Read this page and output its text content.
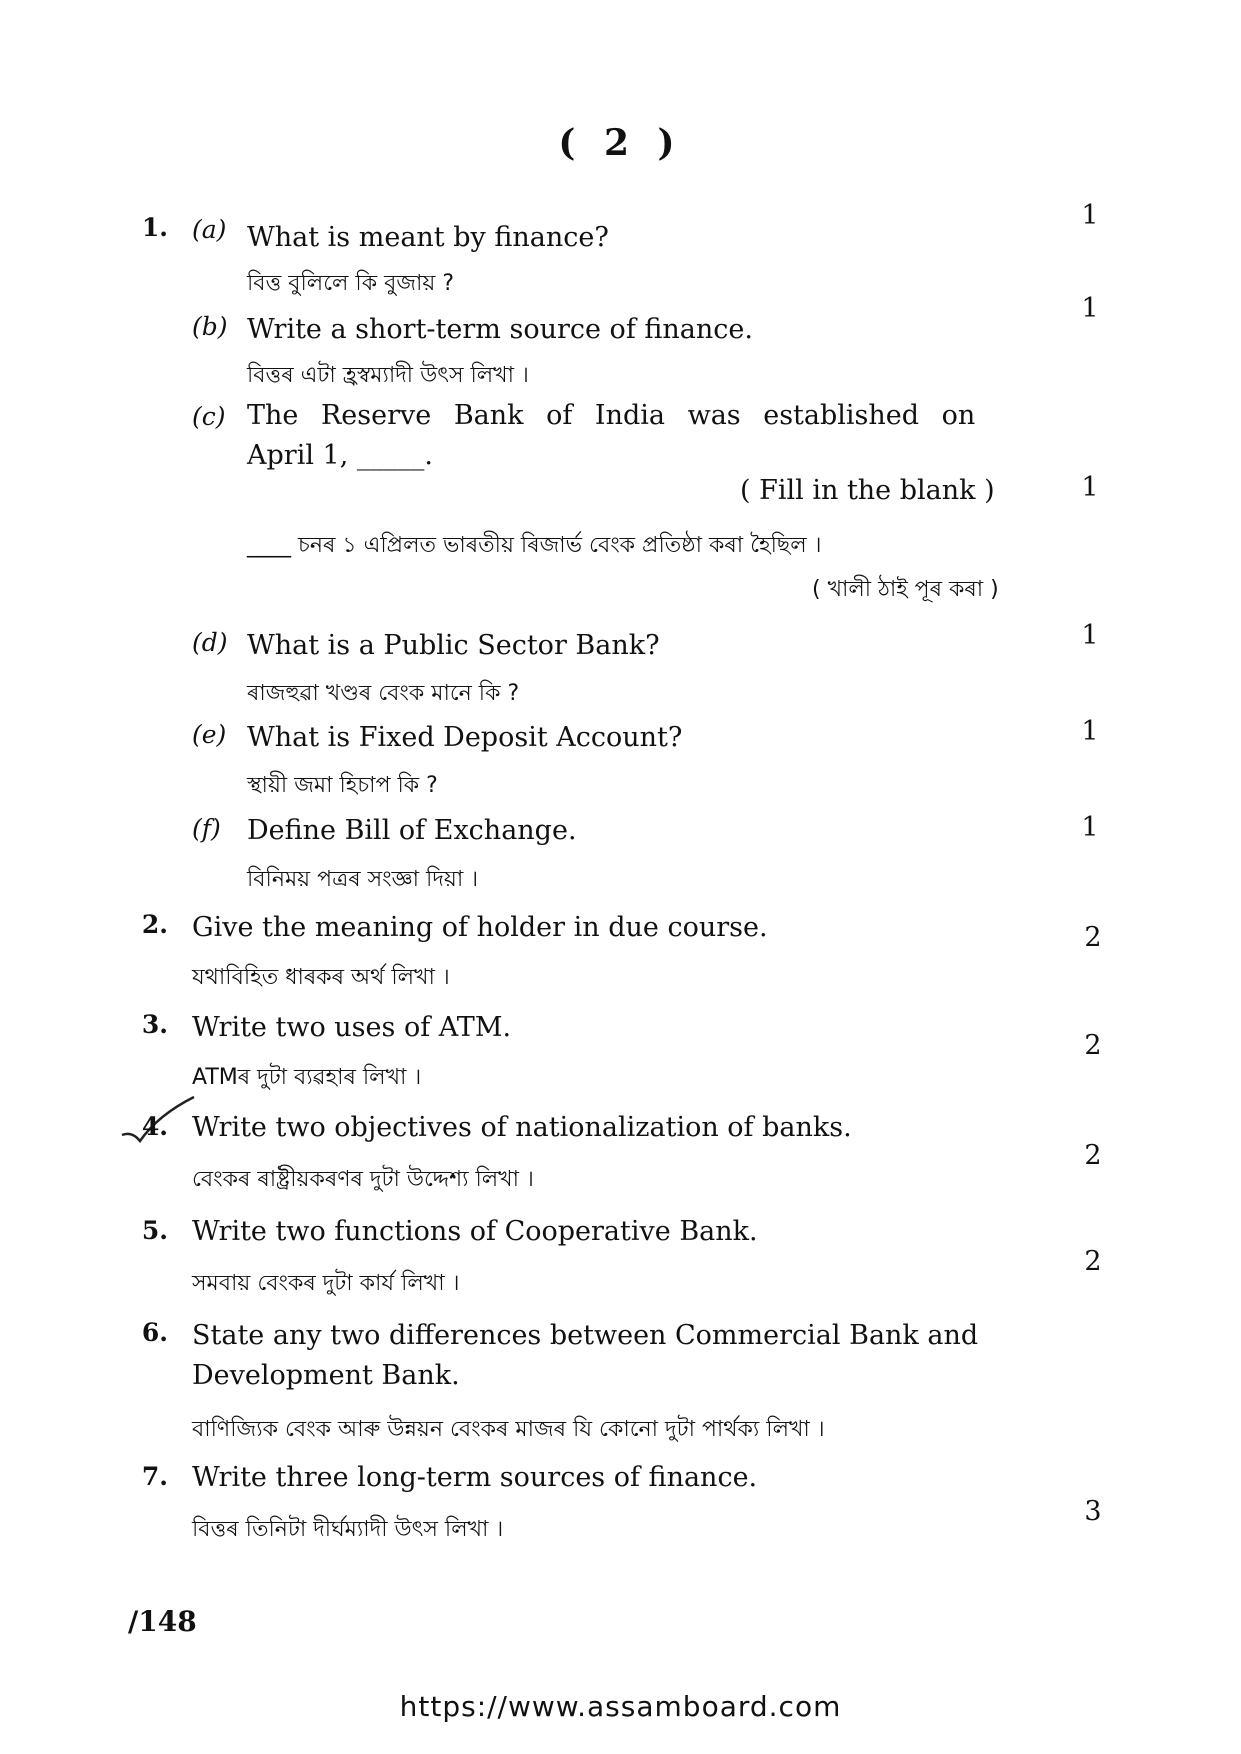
( 2 )
1. (a) What is meant by finance?
বিত্ত বুলিলে কি বুজায় ?
1
(b) Write a short-term source of finance.
বিত্তৰ এটা হ্ৰস্বম্যাদী উৎস লিখা ।
1
(c) The Reserve Bank of India was established on
April 1, _____.
( Fill in the blank )	1
____ চনৰ ১ এপ্ৰিলত ভাৰতীয় ৰিজাৰ্ভ বেংক প্ৰতিষ্ঠা কৰা হৈছিল ।
( খালী ঠাই পূৰ কৰা )
(d) What is a Public Sector Bank?
ৰাজহুৱা খণ্ডৰ বেংক মানে কি ?
1
(e) What is Fixed Deposit Account?
স্থায়ী জমা হিচাপ কি ?
1
(f) Define Bill of Exchange.
বিনিময় পত্ৰৰ সংজ্ঞা দিয়া ।
1
2. Give the meaning of holder in due course.
যথাবিহিত ধাৰকৰ অৰ্থ লিখা ।
2
3. Write two uses of ATM.
ATMৰ দুটা ব্যৱহাৰ লিখা ।
2
4. Write two objectives of nationalization of banks.
বেংকৰ ৰাষ্ট্ৰীয়কৰণৰ দুটা উদ্দেশ্য লিখা ।
2
5. Write two functions of Cooperative Bank.
সমবায় বেংকৰ দুটা কাৰ্য লিখা ।
2
6. State any two differences between Commercial Bank and
Development Bank.
বাণিজ্যিক বেংক আৰু উন্নয়ন বেংকৰ মাজৰ যি কোনো দুটা পাৰ্থক্য লিখা ।
7. Write three long-term sources of finance.
বিত্তৰ তিনিটা দীৰ্ঘম্যাদী উৎস লিখা ।
3
/148
https://www.assamboard.com
